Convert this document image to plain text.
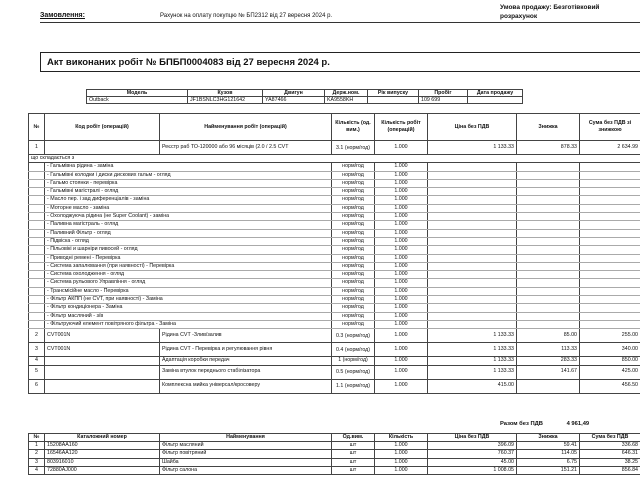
Замовлення:	Рахунок на оплату покупцю № БП2312 від 27 вересня 2024 р.
Умова продажу: Безготівковий
розрахунок
Акт виконаних робіт № БПБП0004083 від 27 вересня 2024 р.
Модель	Кузов	Двигун	Держ.ном.	Рік випуску	Пробіг	Дата продажу
Outback	JF1BSNLC3HG121642	YA87466	KA9558KH		109 699	
№	Код робіт (операцій)	Найменування робіт (операцій)	Кількість (од. вим.)	Кількість робіт (операцій)	Ціна без ПДВ	Знижка	Сума без ПДВ зі знижкою
1		Реєстр раб ТО-120000 або 96 місяців (2.0 / 2.5 CVT	3.1 (норм/год)	1.000	1 133.33	878.33	2 634.99
що складається з							
	- Гальмівна рідина - заміна		норм/год	1.000			
	- Гальмівні колодки і диски дискових гальм - огляд		норм/год	1.000			
	- Гальмо стоянки - перевірка		норм/год	1.000			
	- Гальмівні магістралі - огляд		норм/год	1.000			
	- Масло пер. і зад диференціалів - заміна		норм/год	1.000			
	- Моторне масло - заміна		норм/год	1.000			
	- Охолоджуюча рідина (не Super Coolant) - заміна		норм/год	1.000			
	- Паливна магістраль - огляд		норм/год	1.000			
	- Паливний Фільтр - огляд		норм/год	1.000			
	- Підвіска - огляд		норм/год	1.000			
	- Пільовікі и шарніри пивосей - огляд		норм/год	1.000			
	- Приводні ремені - Перевірка		норм/год	1.000			
	- Система запалювання (при наявності) - Перевірка		норм/год	1.000			
	- Система охолодження - огляд		норм/год	1.000			
	- Система рульового Управління - огляд		норм/год	1.000			
	- Трансмісійне масло - Перевірка		норм/год	1.000			
	- Фільтр АКПП (не CVT, при наявності) - Заміна		норм/год	1.000			
	- Фільтр кондиціонера - Заміна		норм/год	1.000			
	- Фільтр масляний - з/в		норм/год	1.000			
	- Фільтруючий елемент повітряного фільтра - Заміна		норм/год	1.000			
2	CVT001N	Рідина CVT -Злив/залив	0.3 (норм/год)	1.000	1 133.33	85.00	255.00
3	CVT001N	Рідина CVT - Перевірка и регулювання рівня	0.4 (норм/год)	1.000	1 133.33	113.33	340.00
4		Адаптація коробки передач	1 (норм/год)	1.000	1 133.33	283.33	850.00
5		Заміна втулок переднього стабілізатора	0.5 (норм/год)	1.000	1 133.33	141.67	425.00
6		Комплексна мийка універсал/кросоверу	1.1 (норм/год)	1.000	415.00		456.50
Разом без ПДВ	4 961,49
№	Каталожний номер	Найменування	Од.вим.	Кількість	Ціна без ПДВ	Знижка	Сума без ПДВ
1	15208AA160	Фільтр масляний	шт	1.000	396.09	59.41	336.68
2	16546AA120	Фільтр повітряний	шт	1.000	760.37	114.05	646.31
3	803916010	Шайба	шт	1.000	45.00	6.75	38.25
4	72880AJ000	Фільтр салона	шт	1.000	1 008.05	151.21	856.84
